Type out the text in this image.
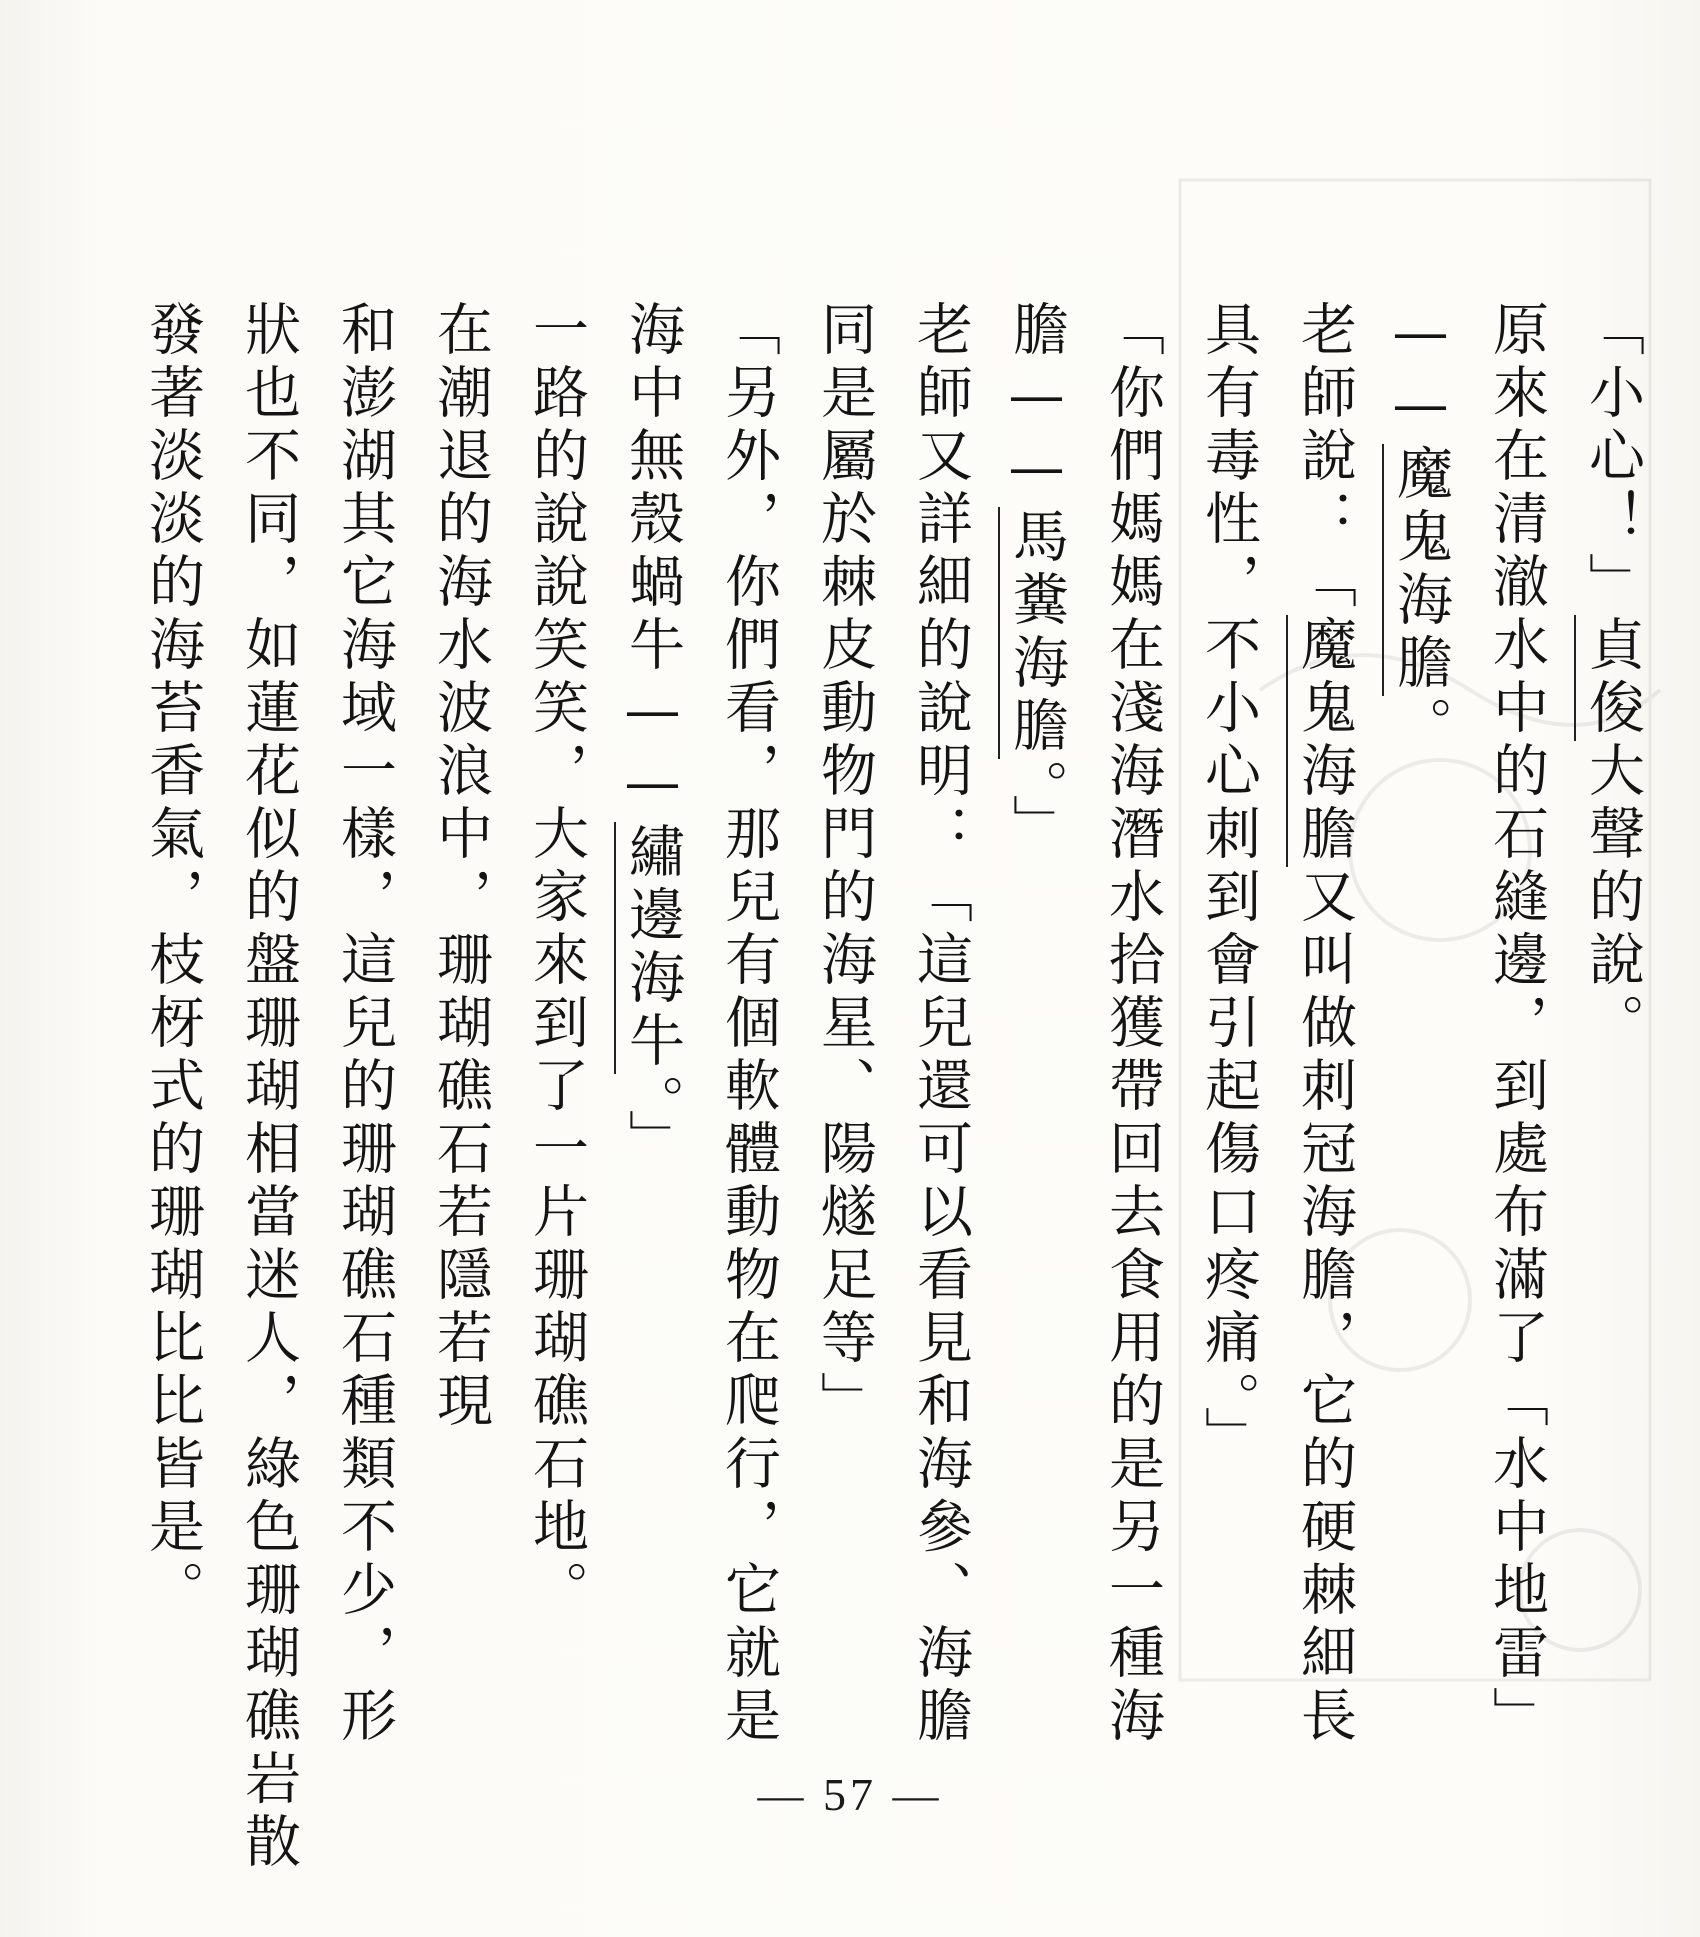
「小心！」貞俊大聲的說。
原來在清澈水中的石縫邊，到處布滿了「水中地雷」
——魔鬼海膽。
老師說：「魔鬼海膽又叫做刺冠海膽，它的硬棘細長
具有毒性，不小心刺到會引起傷口疼痛。」
「你們媽媽在淺海潛水拾獲帶回去食用的是另一種海
膽——馬糞海膽。」
老師又詳細的說明：「這兒還可以看見和海參、海膽
同是屬於棘皮動物門的海星、陽燧足等」
「另外，你們看，那兒有個軟體動物在爬行，它就是
海中無殼蝸牛——繡邊海牛。」
一路的說說笑笑，大家來到了一片珊瑚礁石地。
在潮退的海水波浪中，珊瑚礁石若隱若現
和澎湖其它海域一樣，這兒的珊瑚礁石種類不少，形
狀也不同，如蓮花似的盤珊瑚相當迷人，綠色珊瑚礁岩散
發著淡淡的海苔香氣，枝枒式的珊瑚比比皆是。
— 57 —
